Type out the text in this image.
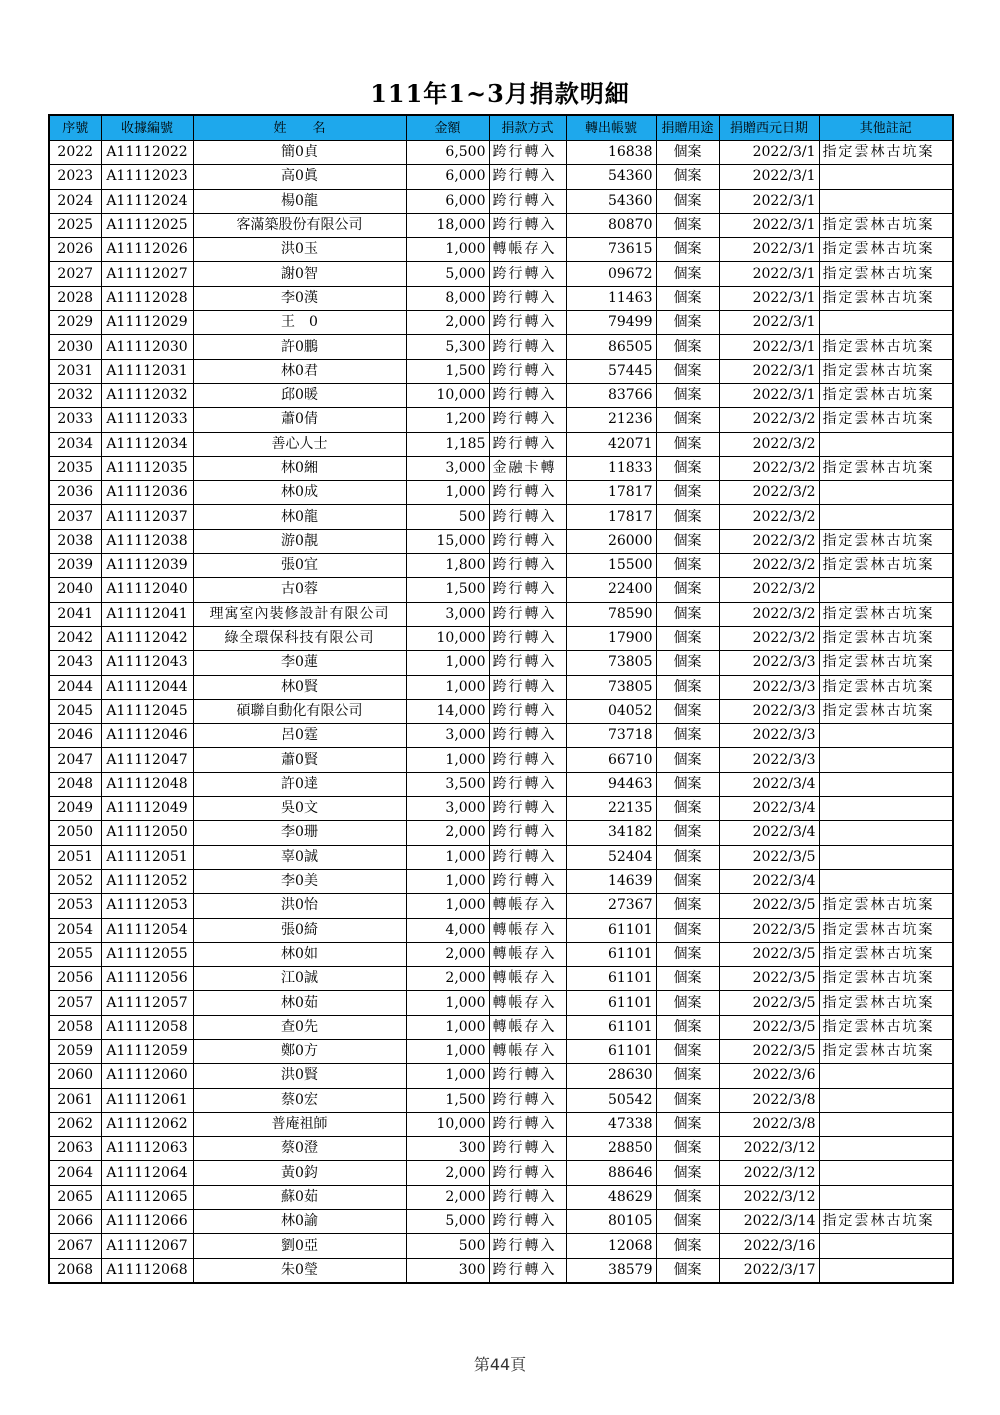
111年1~3月捐款明細
序號	收據編號	姓　　名	金額	捐款方式	轉出帳號	捐贈用途	捐贈西元日期	其他註記
2022	A11112022	簡0貞	6,500	跨行轉入	16838	個案	2022/3/1	指定雲林古坑案
2023	A11112023	高0眞	6,000	跨行轉入	54360	個案	2022/3/1	
2024	A11112024	楊0龍	6,000	跨行轉入	54360	個案	2022/3/1	
2025	A11112025	客滿築股份有限公司	18,000	跨行轉入	80870	個案	2022/3/1	指定雲林古坑案
2026	A11112026	洪0玉	1,000	轉帳存入	73615	個案	2022/3/1	指定雲林古坑案
2027	A11112027	謝0智	5,000	跨行轉入	09672	個案	2022/3/1	指定雲林古坑案
2028	A11112028	李0漢	8,000	跨行轉入	11463	個案	2022/3/1	指定雲林古坑案
2029	A11112029	王　0	2,000	跨行轉入	79499	個案	2022/3/1	
2030	A11112030	許0鵬	5,300	跨行轉入	86505	個案	2022/3/1	指定雲林古坑案
2031	A11112031	林0君	1,500	跨行轉入	57445	個案	2022/3/1	指定雲林古坑案
2032	A11112032	邱0暖	10,000	跨行轉入	83766	個案	2022/3/1	指定雲林古坑案
2033	A11112033	蕭0倩	1,200	跨行轉入	21236	個案	2022/3/2	指定雲林古坑案
2034	A11112034	善心人士	1,185	跨行轉入	42071	個案	2022/3/2	
2035	A11112035	林0緗	3,000	金融卡轉	11833	個案	2022/3/2	指定雲林古坑案
2036	A11112036	林0成	1,000	跨行轉入	17817	個案	2022/3/2	
2037	A11112037	林0龍	500	跨行轉入	17817	個案	2022/3/2	
2038	A11112038	游0靚	15,000	跨行轉入	26000	個案	2022/3/2	指定雲林古坑案
2039	A11112039	張0宜	1,800	跨行轉入	15500	個案	2022/3/2	指定雲林古坑案
2040	A11112040	古0蓉	1,500	跨行轉入	22400	個案	2022/3/2	
2041	A11112041	理寓室內裝修設計有限公司	3,000	跨行轉入	78590	個案	2022/3/2	指定雲林古坑案
2042	A11112042	綠全環保科技有限公司	10,000	跨行轉入	17900	個案	2022/3/2	指定雲林古坑案
2043	A11112043	李0蓮	1,000	跨行轉入	73805	個案	2022/3/3	指定雲林古坑案
2044	A11112044	林0賢	1,000	跨行轉入	73805	個案	2022/3/3	指定雲林古坑案
2045	A11112045	碩聯自動化有限公司	14,000	跨行轉入	04052	個案	2022/3/3	指定雲林古坑案
2046	A11112046	呂0霆	3,000	跨行轉入	73718	個案	2022/3/3	
2047	A11112047	蕭0賢	1,000	跨行轉入	66710	個案	2022/3/3	
2048	A11112048	許0達	3,500	跨行轉入	94463	個案	2022/3/4	
2049	A11112049	吳0文	3,000	跨行轉入	22135	個案	2022/3/4	
2050	A11112050	李0珊	2,000	跨行轉入	34182	個案	2022/3/4	
2051	A11112051	辜0誠	1,000	跨行轉入	52404	個案	2022/3/5	
2052	A11112052	李0美	1,000	跨行轉入	14639	個案	2022/3/4	
2053	A11112053	洪0怡	1,000	轉帳存入	27367	個案	2022/3/5	指定雲林古坑案
2054	A11112054	張0綺	4,000	轉帳存入	61101	個案	2022/3/5	指定雲林古坑案
2055	A11112055	林0如	2,000	轉帳存入	61101	個案	2022/3/5	指定雲林古坑案
2056	A11112056	江0誠	2,000	轉帳存入	61101	個案	2022/3/5	指定雲林古坑案
2057	A11112057	林0茹	1,000	轉帳存入	61101	個案	2022/3/5	指定雲林古坑案
2058	A11112058	查0先	1,000	轉帳存入	61101	個案	2022/3/5	指定雲林古坑案
2059	A11112059	鄭0方	1,000	轉帳存入	61101	個案	2022/3/5	指定雲林古坑案
2060	A11112060	洪0賢	1,000	跨行轉入	28630	個案	2022/3/6	
2061	A11112061	蔡0宏	1,500	跨行轉入	50542	個案	2022/3/8	
2062	A11112062	普庵祖師	10,000	跨行轉入	47338	個案	2022/3/8	
2063	A11112063	蔡0澄	300	跨行轉入	28850	個案	2022/3/12	
2064	A11112064	黃0鈞	2,000	跨行轉入	88646	個案	2022/3/12	
2065	A11112065	蘇0茹	2,000	跨行轉入	48629	個案	2022/3/12	
2066	A11112066	林0諭	5,000	跨行轉入	80105	個案	2022/3/14	指定雲林古坑案
2067	A11112067	劉0亞	500	跨行轉入	12068	個案	2022/3/16	
2068	A11112068	朱0瑩	300	跨行轉入	38579	個案	2022/3/17	
第44頁
